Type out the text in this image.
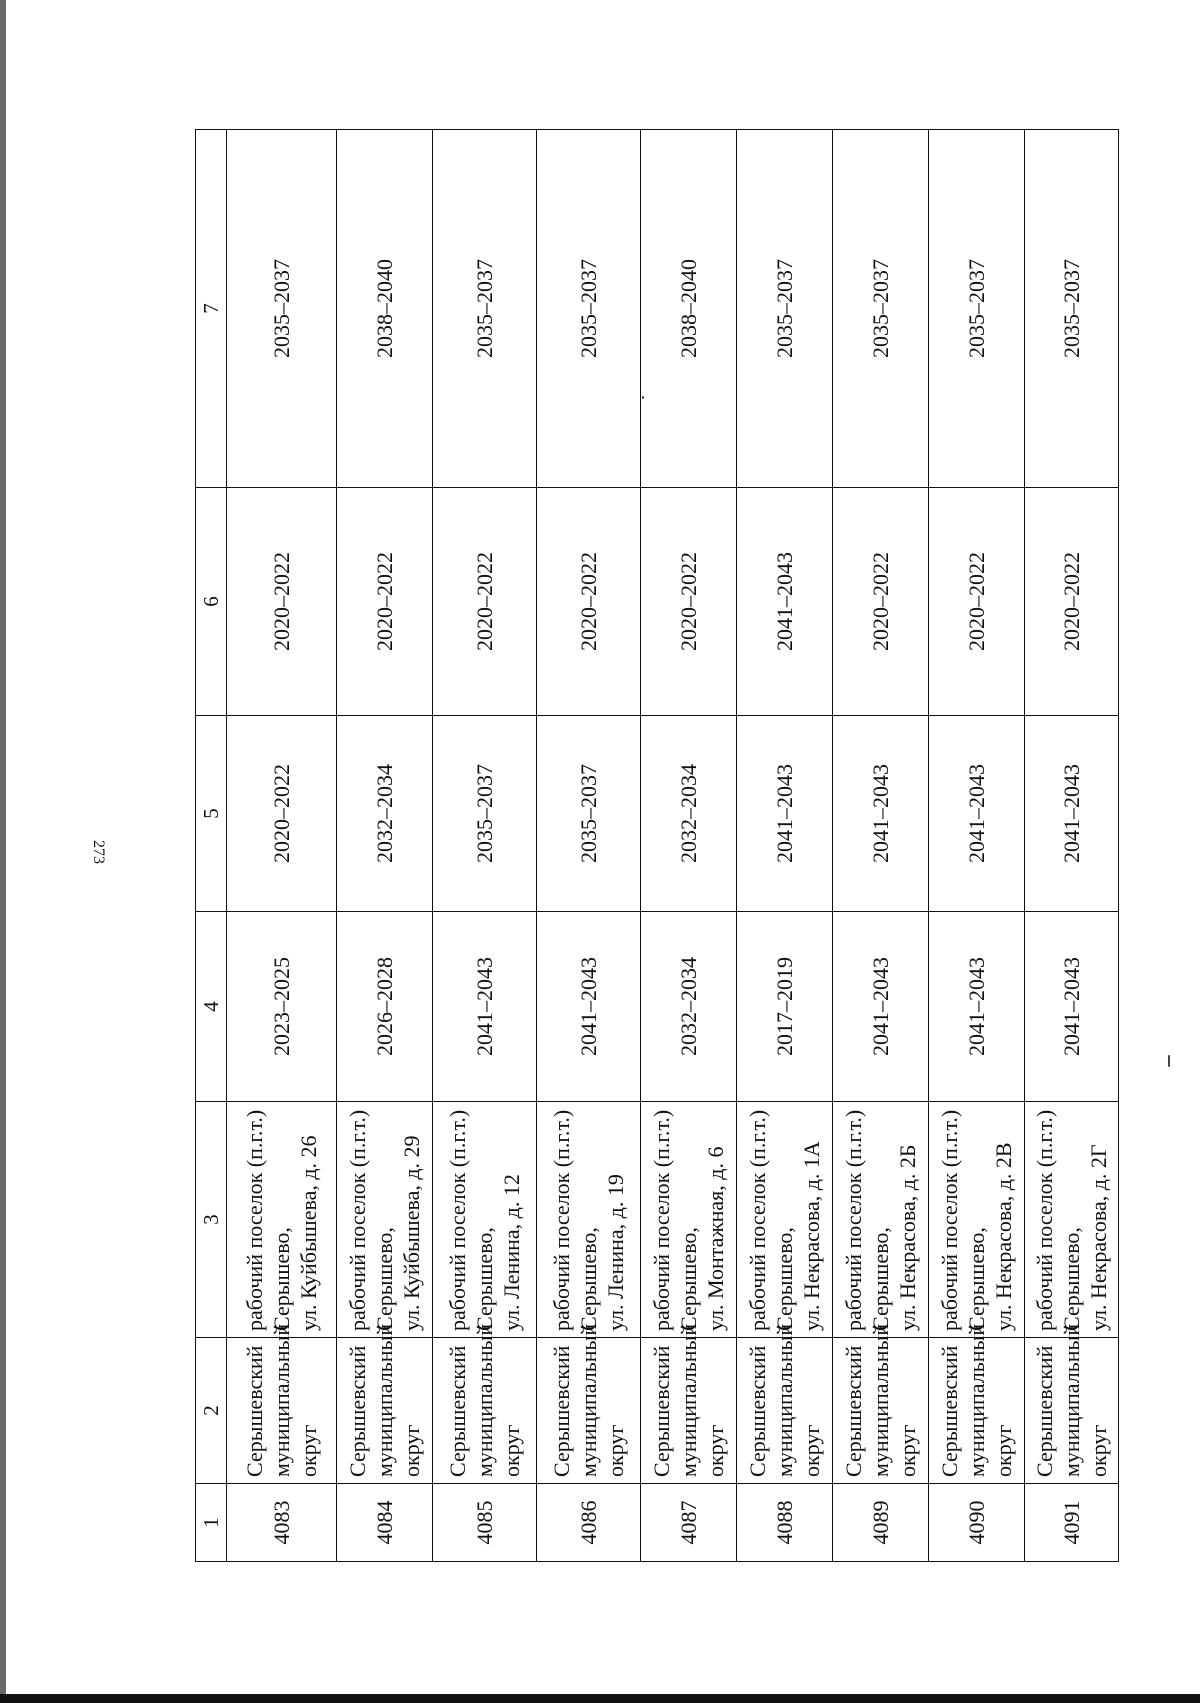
273
1	2	3	4	5	6	7
4083	Серышевский муниципальный округ	рабочий поселок (п.г.т.) Серышево, ул. Куйбышева, д. 26	2023–2025	2020–2022	2020–2022	2035–2037
4084	Серышевский муниципальный округ	рабочий поселок (п.г.т.) Серышево, ул. Куйбышева, д. 29	2026–2028	2032–2034	2020–2022	2038–2040
4085	Серышевский муниципальный округ	рабочий поселок (п.г.т.) Серышево, ул. Ленина, д. 12	2041–2043	2035–2037	2020–2022	2035–2037
4086	Серышевский муниципальный округ	рабочий поселок (п.г.т.) Серышево, ул. Ленина, д. 19	2041–2043	2035–2037	2020–2022	2035–2037
4087	Серышевский муниципальный округ	рабочий поселок (п.г.т.) Серышево, ул. Монтажная, д. 6	2032–2034	2032–2034	2020–2022	2038–2040
4088	Серышевский муниципальный округ	рабочий поселок (п.г.т.) Серышево, ул. Некрасова, д. 1А	2017–2019	2041–2043	2041–2043	2035–2037
4089	Серышевский муниципальный округ	рабочий поселок (п.г.т.) Серышево, ул. Некрасова, д. 2Б	2041–2043	2041–2043	2020–2022	2035–2037
4090	Серышевский муниципальный округ	рабочий поселок (п.г.т.) Серышево, ул. Некрасова, д. 2В	2041–2043	2041–2043	2020–2022	2035–2037
4091	Серышевский муниципальный округ	рабочий поселок (п.г.т.) Серышево, ул. Некрасова, д. 2Г	2041–2043	2041–2043	2020–2022	2035–2037
